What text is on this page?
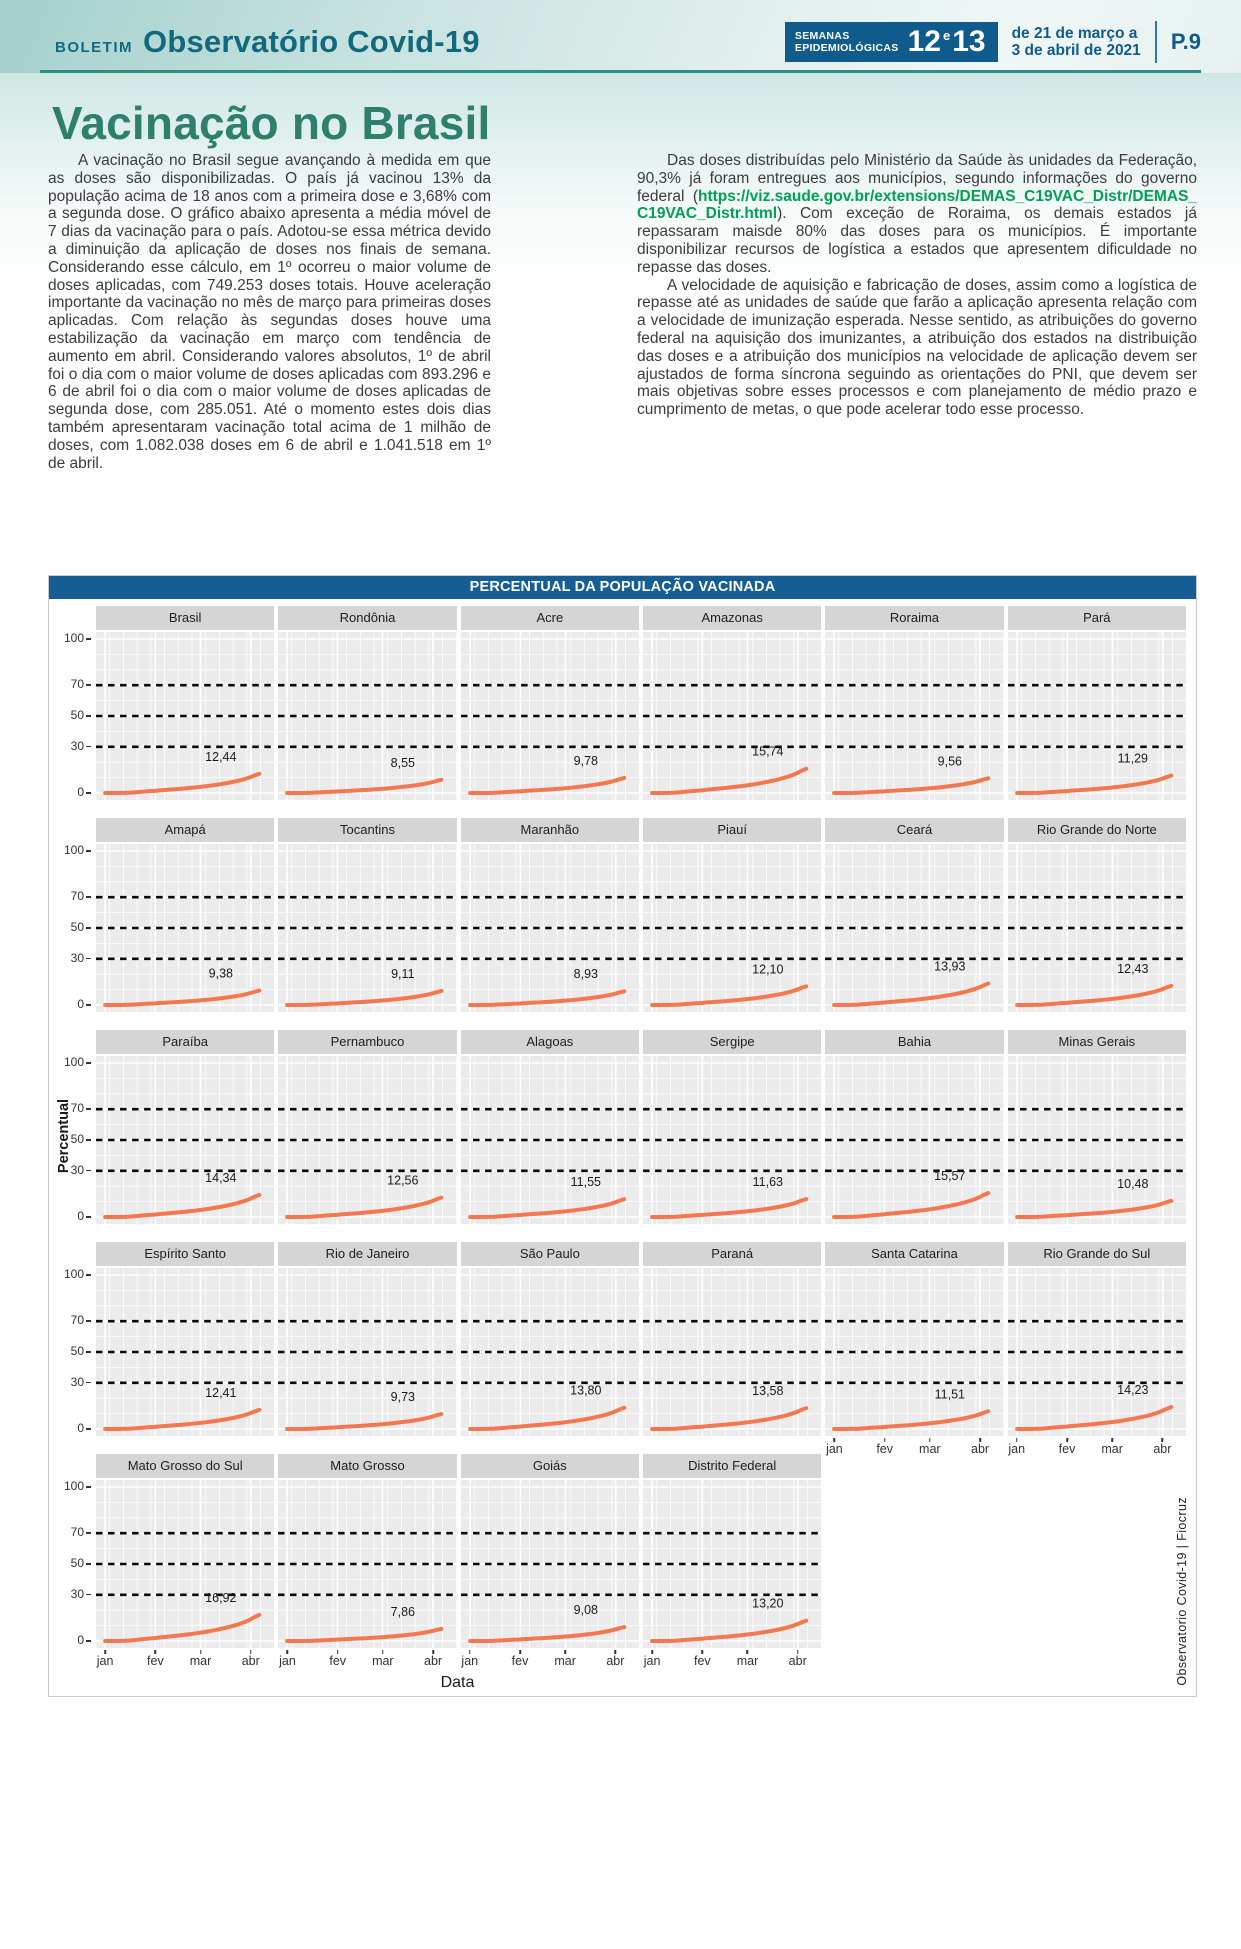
BOLETIM Observatório Covid-19	SEMANAS
EPIDEMIOLÓGICAS 12 e 13 de 21 de março a
3 de abril de 2021 P.9
Vacinação no Brasil

A vacinação no Brasil segue avançando à medida em que as doses são disponibilizadas. O país já vacinou 13% da população acima de 18 anos com a primeira dose e 3,68% com a segunda dose. O gráfico abaixo apresenta a média móvel de 7 dias da vacinação para o país. Adotou-se essa métrica devido a diminuição da aplicação de doses nos finais de semana. Considerando esse cálculo, em 1º ocorreu o maior volume de doses aplicadas, com 749.253 doses totais. Houve aceleração importante da vacinação no mês de março para primeiras doses aplicadas. Com relação às segundas doses houve uma estabilização da vacinação em março com tendência de aumento em abril. Considerando valores absolutos, 1º de abril foi o dia com o maior volume de doses aplicadas com 893.296 e 6 de abril foi o dia com o maior volume de doses aplicadas de segunda dose, com 285.051. Até o momento estes dois dias também apresentaram vacinação total acima de 1 milhão de doses, com 1.082.038 doses em 6 de abril e 1.041.518 em 1º de abril.

Das doses distribuídas pelo Ministério da Saúde às unidades da Federação, 90,3% já foram entregues aos municípios, segundo informações do governo federal (https://viz.saude.gov.br/extensions/DEMAS_C19VAC_Distr/DEMAS_C19VAC_Distr.html). Com exceção de Roraima, os demais estados já repassaram maisde 80% das doses para os municípios. É importante disponibilizar recursos de logística a estados que apresentem dificuldade no repasse das doses.

A velocidade de aquisição e fabricação de doses, assim como a logística de repasse até as unidades de saúde que farão a aplicação apresenta relação com a velocidade de imunização esperada. Nesse sentido, as atribuições do governo federal na aquisição dos imunizantes, a atribuição dos estados na distribuição das doses e a atribuição dos municípios na velocidade de aplicação devem ser ajustados de forma síncrona seguindo as orientações do PNI, que devem ser mais objetivas sobre esses processos e com planejamento de médio prazo e cumprimento de metas, o que pode acelerar todo esse processo.

PERCENTUAL DA POPULAÇÃO VACINADA
0
30
50
70
100
Brasil
12,44
Rondônia
8,55
Acre
9,78
Amazonas
15,74
Roraima
9,56
Pará
11,29
0
30
50
70
100
Amapá
9,38
Tocantins
9,11
Maranhão
8,93
Piauí
12,10
Ceará
13,93
Rio Grande do Norte
12,43
0
30
50
70
100
Paraíba
14,34
Pernambuco
12,56
Alagoas
11,55
Sergipe
11,63
Bahia
15,57
Minas Gerais
10,48
0
30
50
70
100
Espírito Santo
12,41
Rio de Janeiro
9,73
São Paulo
13,80
Paraná
13,58
Santa Catarina
11,51
jan	fev mar abr
Rio Grande do Sul
14,23
jan	fev mar abr
0
30
50
70
100
Mato Grosso do Sul
16,92
jan	fev mar abr
Mato Grosso
7,86
jan	fev mar abr
Goiás
9,08
jan	fev mar abr
Distrito Federal
13,20
jan	fev mar abr
Data
Percentual
Observatorio Covid-19 | Fiocruz
